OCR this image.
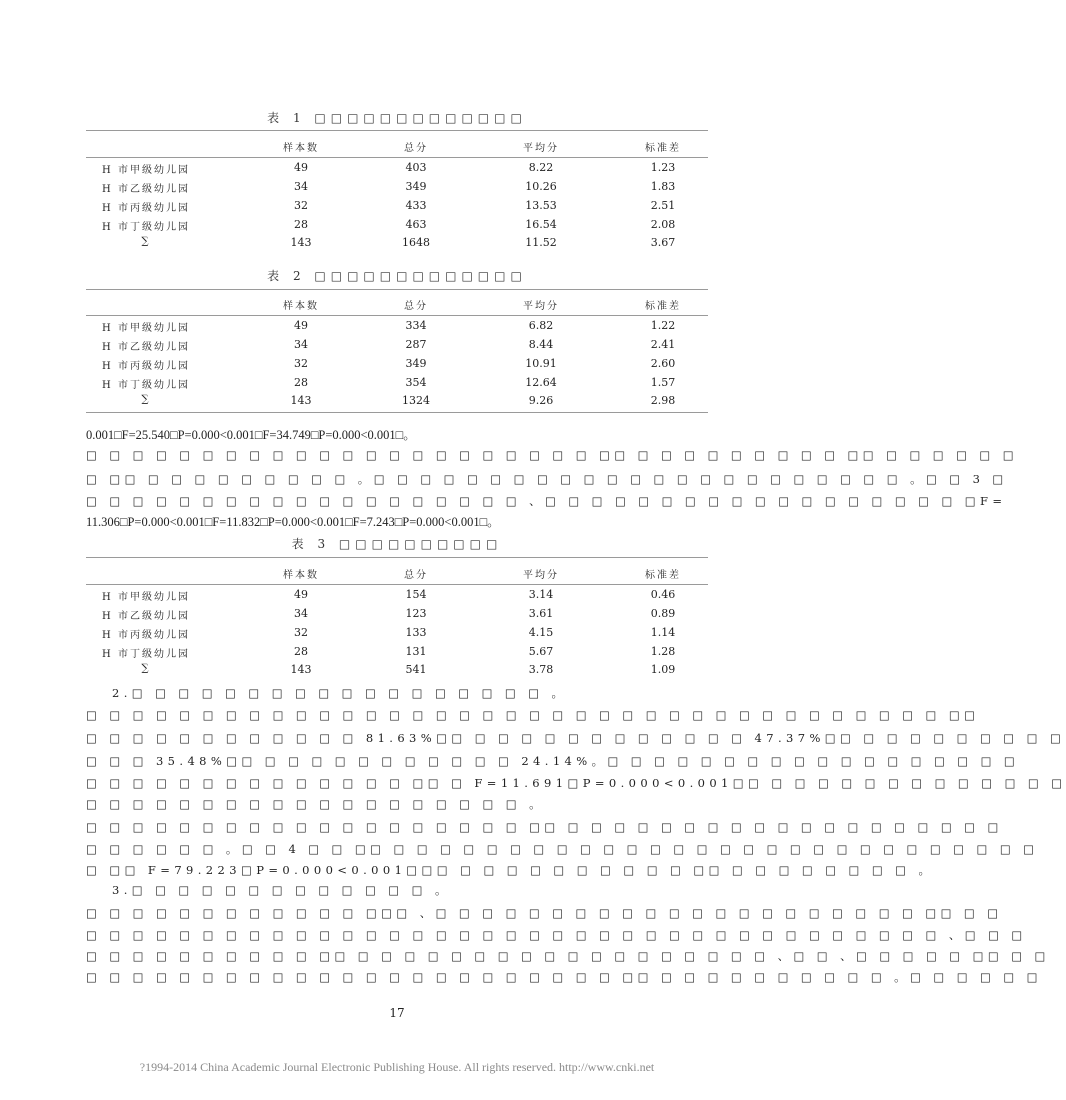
表 1 □□□□□□□□□□□□□
样本数	总分	平均分	标准差
H 市甲级幼儿园	49	403	8.22	1.23
H 市乙级幼儿园	34	349	10.26	1.83
H 市丙级幼儿园	32	433	13.53	2.51
H 市丁级幼儿园	28	463	16.54	2.08
∑	143	1648	11.52	3.67
表 2 □□□□□□□□□□□□□
样本数	总分	平均分	标准差
H 市甲级幼儿园	49	334	6.82	1.22
H 市乙级幼儿园	34	287	8.44	2.41
H 市丙级幼儿园	32	349	10.91	2.60
H 市丁级幼儿园	28	354	12.64	1.57
∑	143	1324	9.26	2.98
0.001□F=25.540□P=0.000<0.001□F=34.749□P=0.000<0.001□。
□ □ □ □ □ □ □ □ □ □ □ □ □ □ □ □ □ □ □ □ □ □ □□ □ □ □ □ □ □ □ □ □ □□ □ □ □ □ □ □
□ □□ □ □ □ □ □ □ □ □ □ 。□ □ □ □ □ □ □ □ □ □ □ □ □ □ □ □ □ □ □ □ □ □ □ 。□ □ 3 □
□ □ □ □ □ □ □ □ □ □ □ □ □ □ □ □ □ □ □ 、□ □ □ □ □ □ □ □ □ □ □ □ □ □ □ □ □ □ □F=
11.306□P=0.000<0.001□F=11.832□P=0.000<0.001□F=7.243□P=0.000<0.001□。
表 3 □□□□□□□□□□
样本数	总分	平均分	标准差
H 市甲级幼儿园	49	154	3.14	0.46
H 市乙级幼儿园	34	123	3.61	0.89
H 市丙级幼儿园	32	133	4.15	1.14
H 市丁级幼儿园	28	131	5.67	1.28
∑	143	541	3.78	1.09
2.□ □ □ □ □ □ □ □ □ □ □ □ □ □ □ □ □ □ 。
□ □ □ □ □ □ □ □ □ □ □ □ □ □ □ □ □ □ □ □ □ □ □ □ □ □ □ □ □ □ □ □ □ □ □ □ □ □□
□ □ □ □ □ □ □ □ □ □ □ □ 81.63%□□ □ □ □ □ □ □ □ □ □ □ □ □ 47.37%□□ □ □ □ □ □ □ □ □ □
□ □ □ 35.48%□□ □ □ □ □ □ □ □ □ □ □ □ 24.14%。□ □ □ □ □ □ □ □ □ □ □ □ □ □ □ □ □ □
□ □ □ □ □ □ □ □ □ □ □ □ □ □ □□ □ F=11.691□P=0.000<0.001□□ □ □ □ □ □ □ □ □ □ □ □ □ □
□ □ □ □ □ □ □ □ □ □ □ □ □ □ □ □ □ □ □ 。
□ □ □ □ □ □ □ □ □ □ □ □ □ □ □ □ □ □ □ □□ □ □ □ □ □ □ □ □ □ □ □ □ □ □ □ □ □ □ □
□ □ □ □ □ □ 。□ □ 4 □ □ □□ □ □ □ □ □ □ □ □ □ □ □ □ □ □ □ □ □ □ □ □ □ □ □ □ □ □ □ □
□ □□ F=79.223□P=0.000<0.001□□□ □ □ □ □ □ □ □ □ □ □ □□ □ □ □ □ □ □ □ □ 。
3.□ □ □ □ □ □ □ □ □ □ □ □ □ 。
□ □ □ □ □ □ □ □ □ □ □ □ □□□ 、□ □ □ □ □ □ □ □ □ □ □ □ □ □ □ □ □ □ □ □ □ □□ □ □
□ □ □ □ □ □ □ □ □ □ □ □ □ □ □ □ □ □ □ □ □ □ □ □ □ □ □ □ □ □ □ □ □ □ □ □ □ 、□ □ □
□ □ □ □ □ □ □ □ □ □ □□ □ □ □ □ □ □ □ □ □ □ □ □ □ □ □ □ □ □ 、□ □ 、□ □ □ □ □ □□ □ □
□ □ □ □ □ □ □ □ □ □ □ □ □ □ □ □ □ □ □ □ □ □ □ □□ □ □ □ □ □ □ □ □ □ □ 。□ □ □ □ □ □
17
?1994-2014 China Academic Journal Electronic Publishing House. All rights reserved. http://www.cnki.net
